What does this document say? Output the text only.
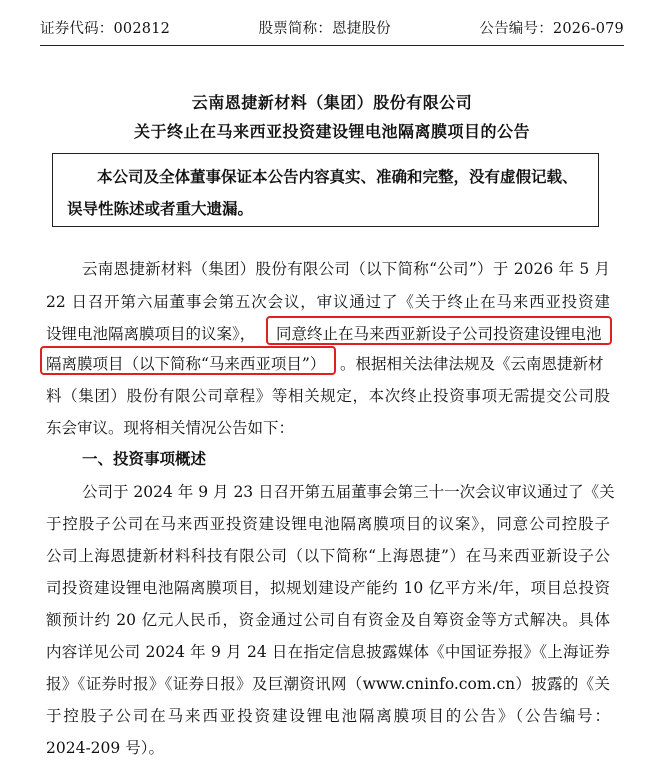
证券代码：002812	股票简称：恩捷股份	公告编号：2026-079
云南恩捷新材料（集团）股份有限公司
关于终止在马来西亚投资建设锂电池隔离膜项目的公告
本公司及全体董事保证本公告内容真实、准确和完整，没有虚假记载、
误导性陈述或者重大遗漏。
云南恩捷新材料（集团）股份有限公司（以下简称“公司”）于 2026 年 5 月
22 日召开第六届董事会第五次会议，审议通过了《关于终止在马来西亚投资建
设锂电池隔离膜项目的议案》，	同意终止在马来西亚新设子公司投资建设锂电池
隔离膜项目（以下简称“马来西亚项目”） 。根据相关法律法规及《云南恩捷新材
料（集团）股份有限公司章程》等相关规定，本次终止投资事项无需提交公司股
东会审议。现将相关情况公告如下：
一、投资事项概述
公司于 2024 年 9 月 23 日召开第五届董事会第三十一次会议审议通过了《关
于控股子公司在马来西亚投资建设锂电池隔离膜项目的议案》，同意公司控股子
公司上海恩捷新材料科技有限公司（以下简称“上海恩捷”）在马来西亚新设子公
司投资建设锂电池隔离膜项目，拟规划建设产能约 10 亿平方米/年，项目总投资
额预计约 20 亿元人民币，资金通过公司自有资金及自筹资金等方式解决。具体
内容详见公司 2024 年 9 月 24 日在指定信息披露媒体《中国证券报》《上海证券
报》《证券时报》《证券日报》及巨潮资讯网（www.cninfo.com.cn）披露的《关
于控股子公司在马来西亚投资建设锂电池隔离膜项目的公告》（公告编号：
2024-209 号）。
